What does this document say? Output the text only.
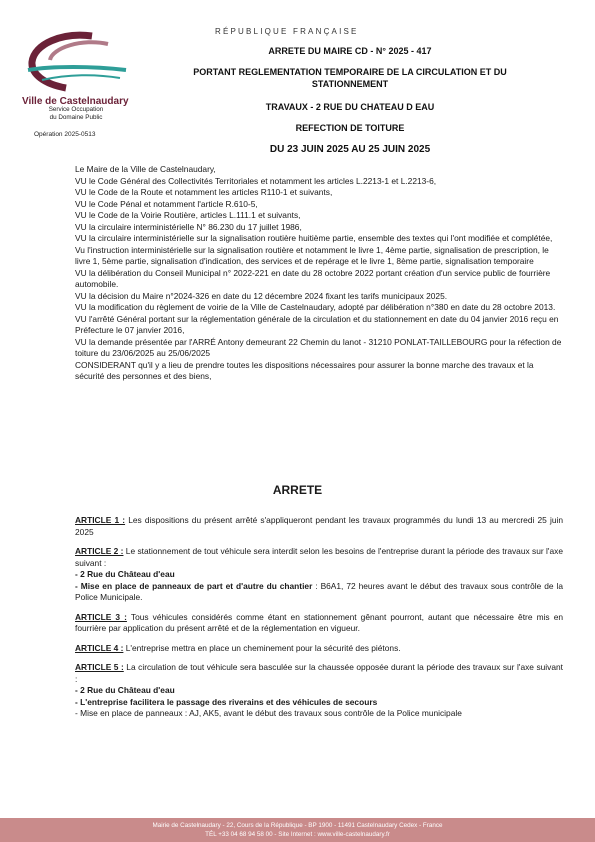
Ville de Castelnaudary
Service Occupation
du Domaine Public
Opération 2025-0513
RÉPUBLIQUE FRANÇAISE
ARRETE DU MAIRE CD - N° 2025 - 417
PORTANT REGLEMENTATION TEMPORAIRE DE LA CIRCULATION ET DU STATIONNEMENT
TRAVAUX - 2 RUE DU CHATEAU D EAU
REFECTION DE TOITURE
DU 23 JUIN 2025 AU 25 JUIN 2025

Le Maire de la Ville de Castelnaudary,

VU le Code Général des Collectivités Territoriales et notamment les articles L.2213-1 et L.2213-6,

VU le Code de la Route et notamment les articles R110-1 et suivants,

VU le Code Pénal et notamment l'article R.610-5,

VU le Code de la Voirie Routière, articles L.111.1 et suivants,

VU la circulaire interministérielle N° 86.230 du 17 juillet 1986,

VU la circulaire interministérielle sur la signalisation routière huitième partie, ensemble des textes qui l'ont modifiée et complétée,

Vu l'instruction interministérielle sur la signalisation routière et notamment le livre 1, 4ème partie, signalisation de prescription, le livre 1, 5ème partie, signalisation d'indication, des services et de repérage et le livre 1, 8ème partie, signalisation temporaire

VU la délibération du Conseil Municipal n° 2022-221 en date du 28 octobre 2022 portant création d'un service public de fourrière automobile.

VU la décision du Maire n°2024-326 en date du 12 décembre 2024 fixant les tarifs municipaux 2025.

VU la modification du règlement de voirie de la Ville de Castelnaudary, adopté par délibération n°380 en date du 28 octobre 2013.

VU l'arrêté Général portant sur la réglementation générale de la circulation et du stationnement en date du 04 janvier 2016 reçu en Préfecture le 07 janvier 2016,

VU la demande présentée par l'ARRÉ Antony demeurant 22 Chemin du lanot - 31210 PONLAT-TAILLEBOURG pour la réfection de toiture du 23/06/2025 au 25/06/2025

CONSIDERANT qu'il y a lieu de prendre toutes les dispositions nécessaires pour assurer la bonne marche des travaux et la sécurité des personnes et des biens,

ARRETE
ARTICLE 1 : Les dispositions du présent arrêté s'appliqueront pendant les travaux programmés du lundi 13 au mercredi 25 juin 2025
ARTICLE 2 : Le stationnement de tout véhicule sera interdit selon les besoins de l'entreprise durant la période des travaux sur l'axe suivant :
- 2 Rue du Château d'eau
- Mise en place de panneaux de part et d'autre du chantier : B6A1, 72 heures avant le début des travaux sous contrôle de la Police Municipale.
ARTICLE 3 : Tous véhicules considérés comme étant en stationnement gênant pourront, autant que nécessaire être mis en fourrière par application du présent arrêté et de la réglementation en vigueur.
ARTICLE 4 : L'entreprise mettra en place un cheminement pour la sécurité des piétons.
ARTICLE 5 : La circulation de tout véhicule sera basculée sur la chaussée opposée durant la période des travaux sur l'axe suivant :
- 2 Rue du Château d'eau
- L'entreprise facilitera le passage des riverains et des véhicules de secours
- Mise en place de panneaux : AJ, AK5, avant le début des travaux sous contrôle de la Police municipale
Mairie de Castelnaudary - 22, Cours de la République - BP 1900 - 11491 Castelnaudary Cedex - France
TÉL +33 04 68 94 58 00 - Site Internet : www.ville-castelnaudary.fr
